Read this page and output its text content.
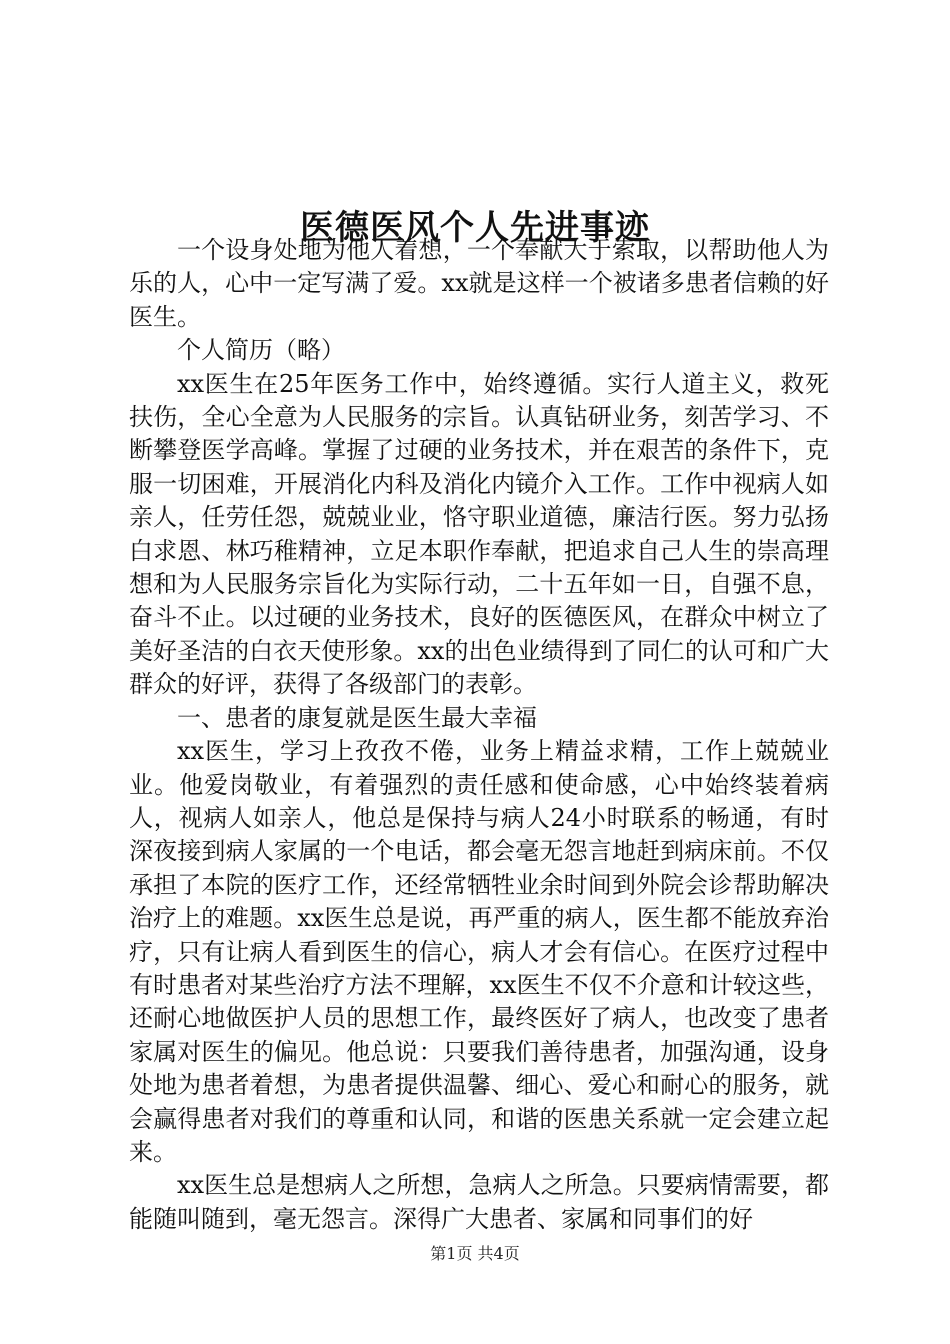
医德医风个人先进事迹

一个设身处地为他人着想，一个奉献大于索取，以帮助他人为乐的人，心中一定写满了爱。xx就是这样一个被诸多患者信赖的好医生。

个人简历（略）

xx医生在25年医务工作中，始终遵循。实行人道主义，救死扶伤，全心全意为人民服务的宗旨。认真钻研业务，刻苦学习、不断攀登医学高峰。掌握了过硬的业务技术，并在艰苦的条件下，克服一切困难，开展消化内科及消化内镜介入工作。工作中视病人如亲人，任劳任怨，兢兢业业，恪守职业道德，廉洁行医。努力弘扬白求恩、林巧稚精神，立足本职作奉献，把追求自己人生的崇高理想和为人民服务宗旨化为实际行动，二十五年如一日，自强不息，奋斗不止。以过硬的业务技术，良好的医德医风，在群众中树立了美好圣洁的白衣天使形象。xx的出色业绩得到了同仁的认可和广大群众的好评，获得了各级部门的表彰。

一、患者的康复就是医生最大幸福

xx医生，学习上孜孜不倦，业务上精益求精，工作上兢兢业业。他爱岗敬业，有着强烈的责任感和使命感，心中始终装着病人，视病人如亲人，他总是保持与病人24小时联系的畅通，有时深夜接到病人家属的一个电话，都会毫无怨言地赶到病床前。不仅承担了本院的医疗工作，还经常牺牲业余时间到外院会诊帮助解决治疗上的难题。xx医生总是说，再严重的病人，医生都不能放弃治疗，只有让病人看到医生的信心，病人才会有信心。在医疗过程中有时患者对某些治疗方法不理解，xx医生不仅不介意和计较这些，还耐心地做医护人员的思想工作，最终医好了病人，也改变了患者家属对医生的偏见。他总说：只要我们善待患者，加强沟通，设身处地为患者着想，为患者提供温馨、细心、爱心和耐心的服务，就会赢得患者对我们的尊重和认同，和谐的医患关系就一定会建立起来。

xx医生总是想病人之所想，急病人之所急。只要病情需要，都能随叫随到，毫无怨言。深得广大患者、家属和同事们的好

第1页 共4页
